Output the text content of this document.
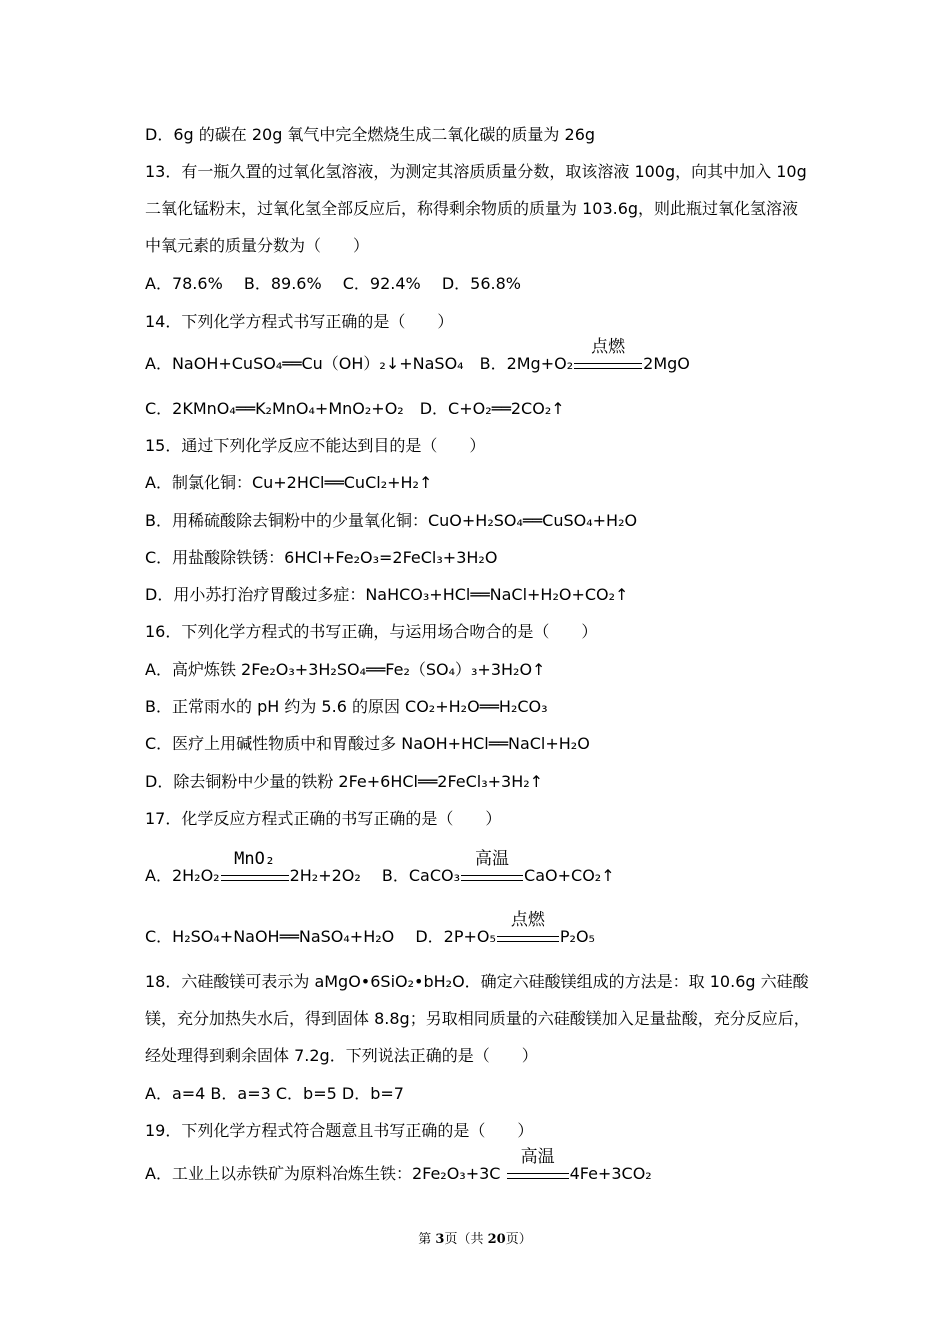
D．6g 的碳在 20g 氧气中完全燃烧生成二氧化碳的质量为 26g
13．有一瓶久置的过氧化氢溶液，为测定其溶质质量分数，取该溶液 100g，向其中加入 10g 二氧化锰粉末，过氧化氢全部反应后，称得剩余物质的质量为 103.6g，则此瓶过氧化氢溶液中氧元素的质量分数为（　　）
A．78.6%　 B．89.6%　 C．92.4%　 D．56.8%
14．下列化学方程式书写正确的是（　　）
A．NaOH+CuSO₄══Cu（OH）₂↓+NaSO₄　B．2Mg+O₂
点燃
2MgO
C．2KMnO₄══K₂MnO₄+MnO₂+O₂　D．C+O₂══2CO₂↑
15．通过下列化学反应不能达到目的是（　　）
A．制氯化铜：Cu+2HCl══CuCl₂+H₂↑
B．用稀硫酸除去铜粉中的少量氧化铜：CuO+H₂SO₄══CuSO₄+H₂O
C．用盐酸除铁锈：6HCl+Fe₂O₃=2FeCl₃+3H₂O
D．用小苏打治疗胃酸过多症：NaHCO₃+HCl══NaCl+H₂O+CO₂↑
16．下列化学方程式的书写正确，与运用场合吻合的是（　　）
A．高炉炼铁 2Fe₂O₃+3H₂SO₄══Fe₂（SO₄）₃+3H₂O↑
B．正常雨水的 pH 约为 5.6 的原因 CO₂+H₂O══H₂CO₃
C．医疗上用碱性物质中和胃酸过多 NaOH+HCl══NaCl+H₂O
D．除去铜粉中少量的铁粉 2Fe+6HCl══2FeCl₃+3H₂↑
17．化学反应方程式正确的书写正确的是（　　）
A．2H₂O₂
MnO₂
2H₂+2O₂　 B．CaCO₃
高温
CaO+CO₂↑
C．H₂SO₄+NaOH══NaSO₄+H₂O　 D．2P+O₅
点燃
P₂O₅
18．六硅酸镁可表示为 aMgO•6SiO₂•bH₂O．确定六硅酸镁组成的方法是：取 10.6g 六硅酸镁，充分加热失水后，得到固体 8.8g；另取相同质量的六硅酸镁加入足量盐酸，充分反应后，经处理得到剩余固体 7.2g．下列说法正确的是（　　）
A．a=4 B．a=3 C．b=5 D．b=7
19．下列化学方程式符合题意且书写正确的是（　　）
A．工业上以赤铁矿为原料冶炼生铁：2Fe₂O₃+3C
高温
4Fe+3CO₂
第 3页（共 20页）
